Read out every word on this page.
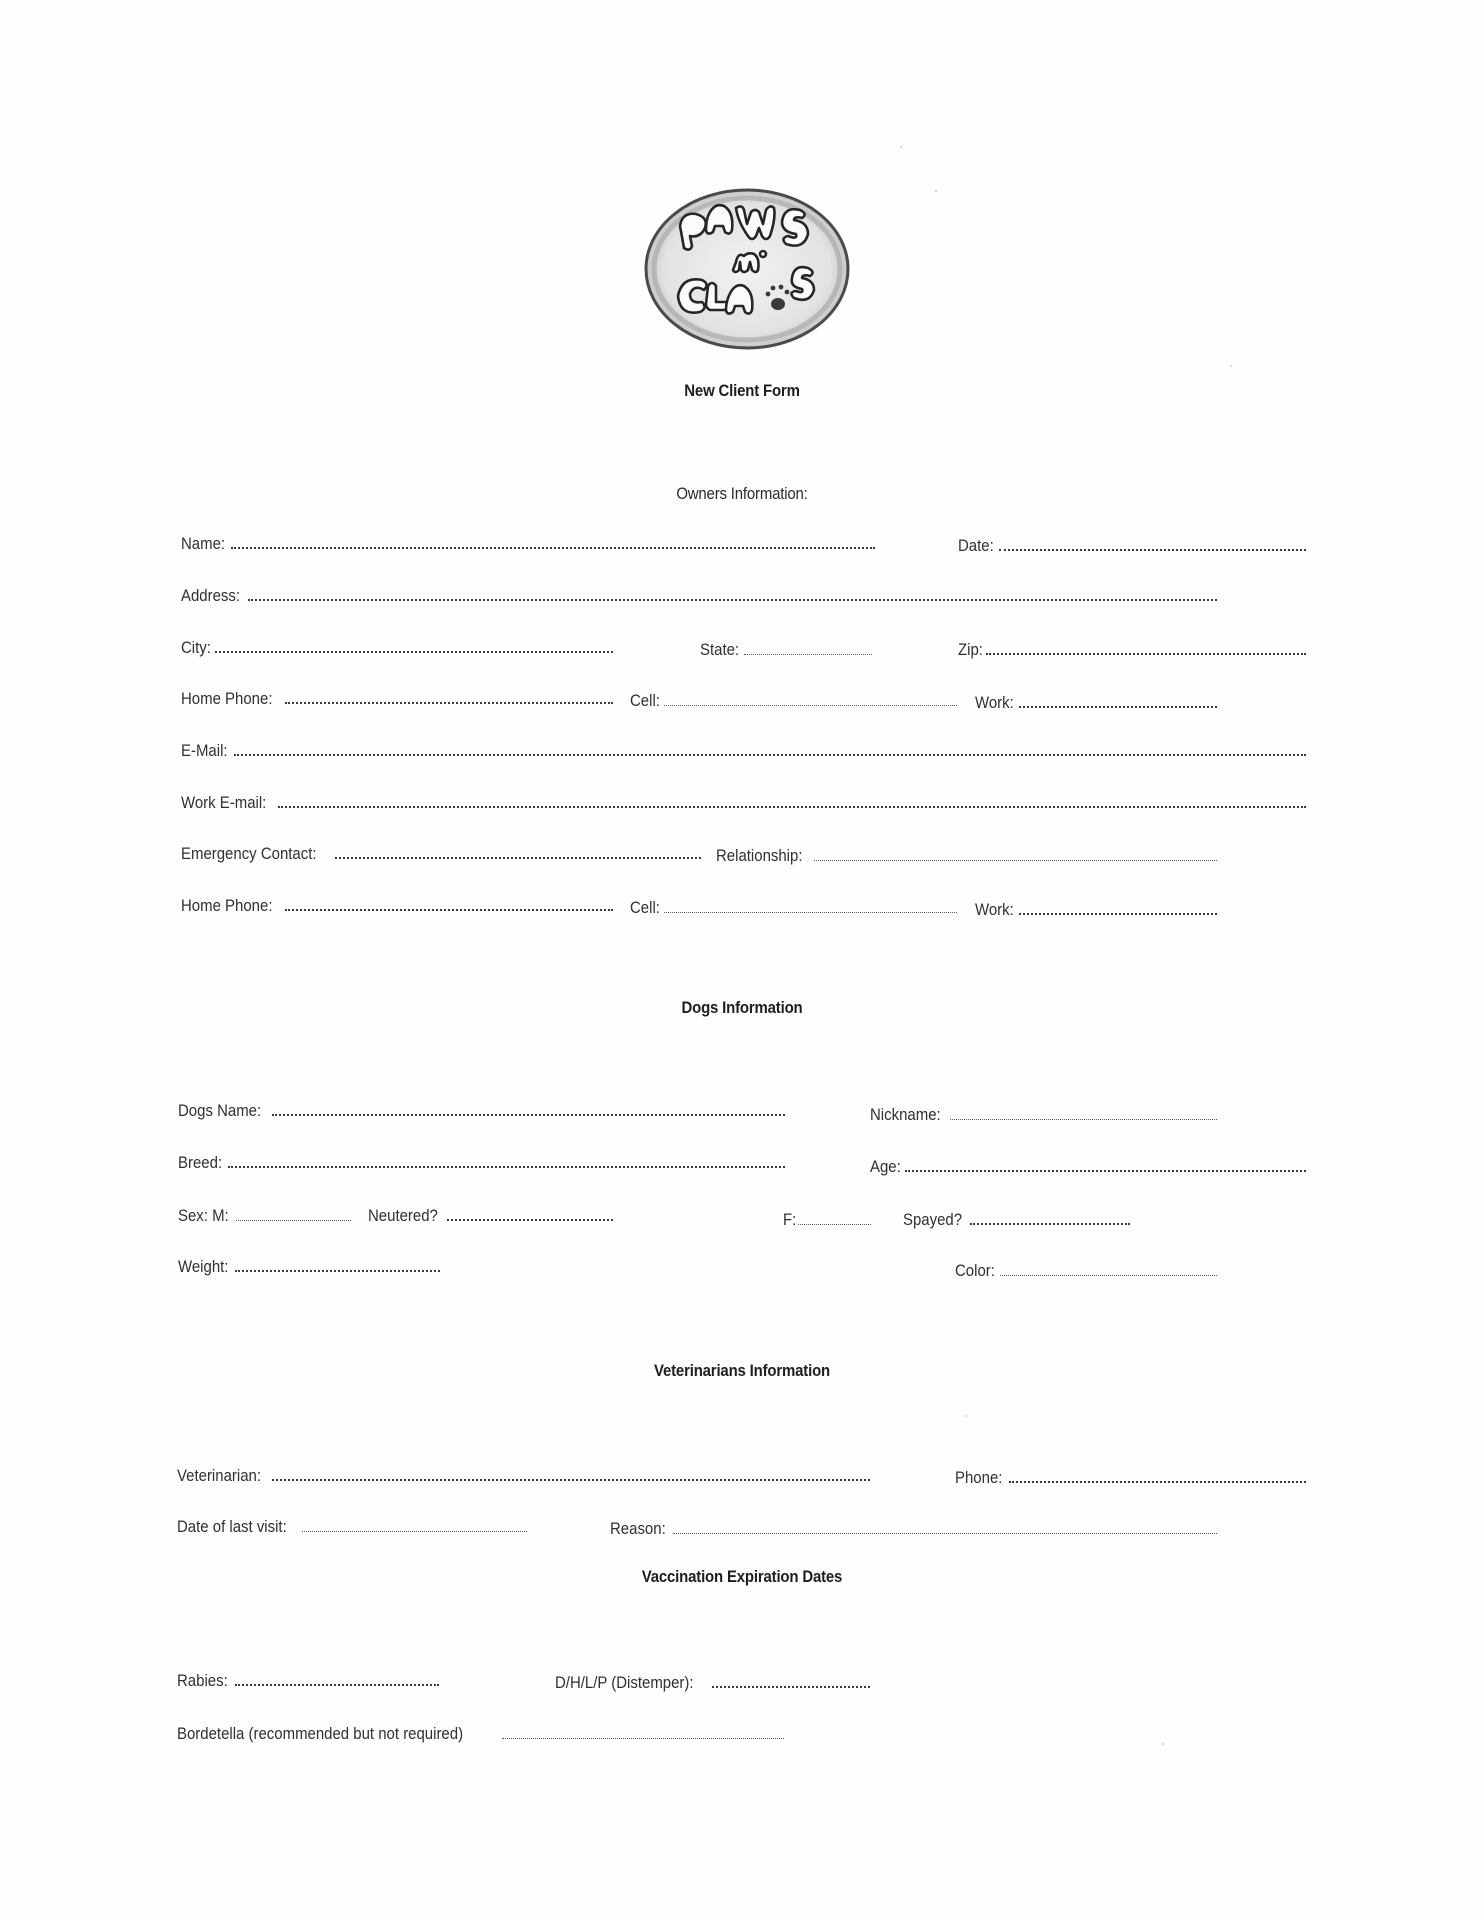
New Client Form
Owners Information:
Name:	Date:
Address:
City:	State:	Zip:
Home Phone:	Cell:	Work:
E-Mail:
Work E-mail:
Emergency Contact:	Relationship:
Home Phone:	Cell:	Work:
Dogs Information
Dogs Name:	Nickname:
Breed:	Age:
Sex: M:	Neutered?	F:	Spayed?
Weight:	Color:
Veterinarians Information
Veterinarian:	Phone:
Date of last visit:	Reason:
Vaccination Expiration Dates
Rabies:	D/H/L/P (Distemper):
Bordetella (recommended but not required)
